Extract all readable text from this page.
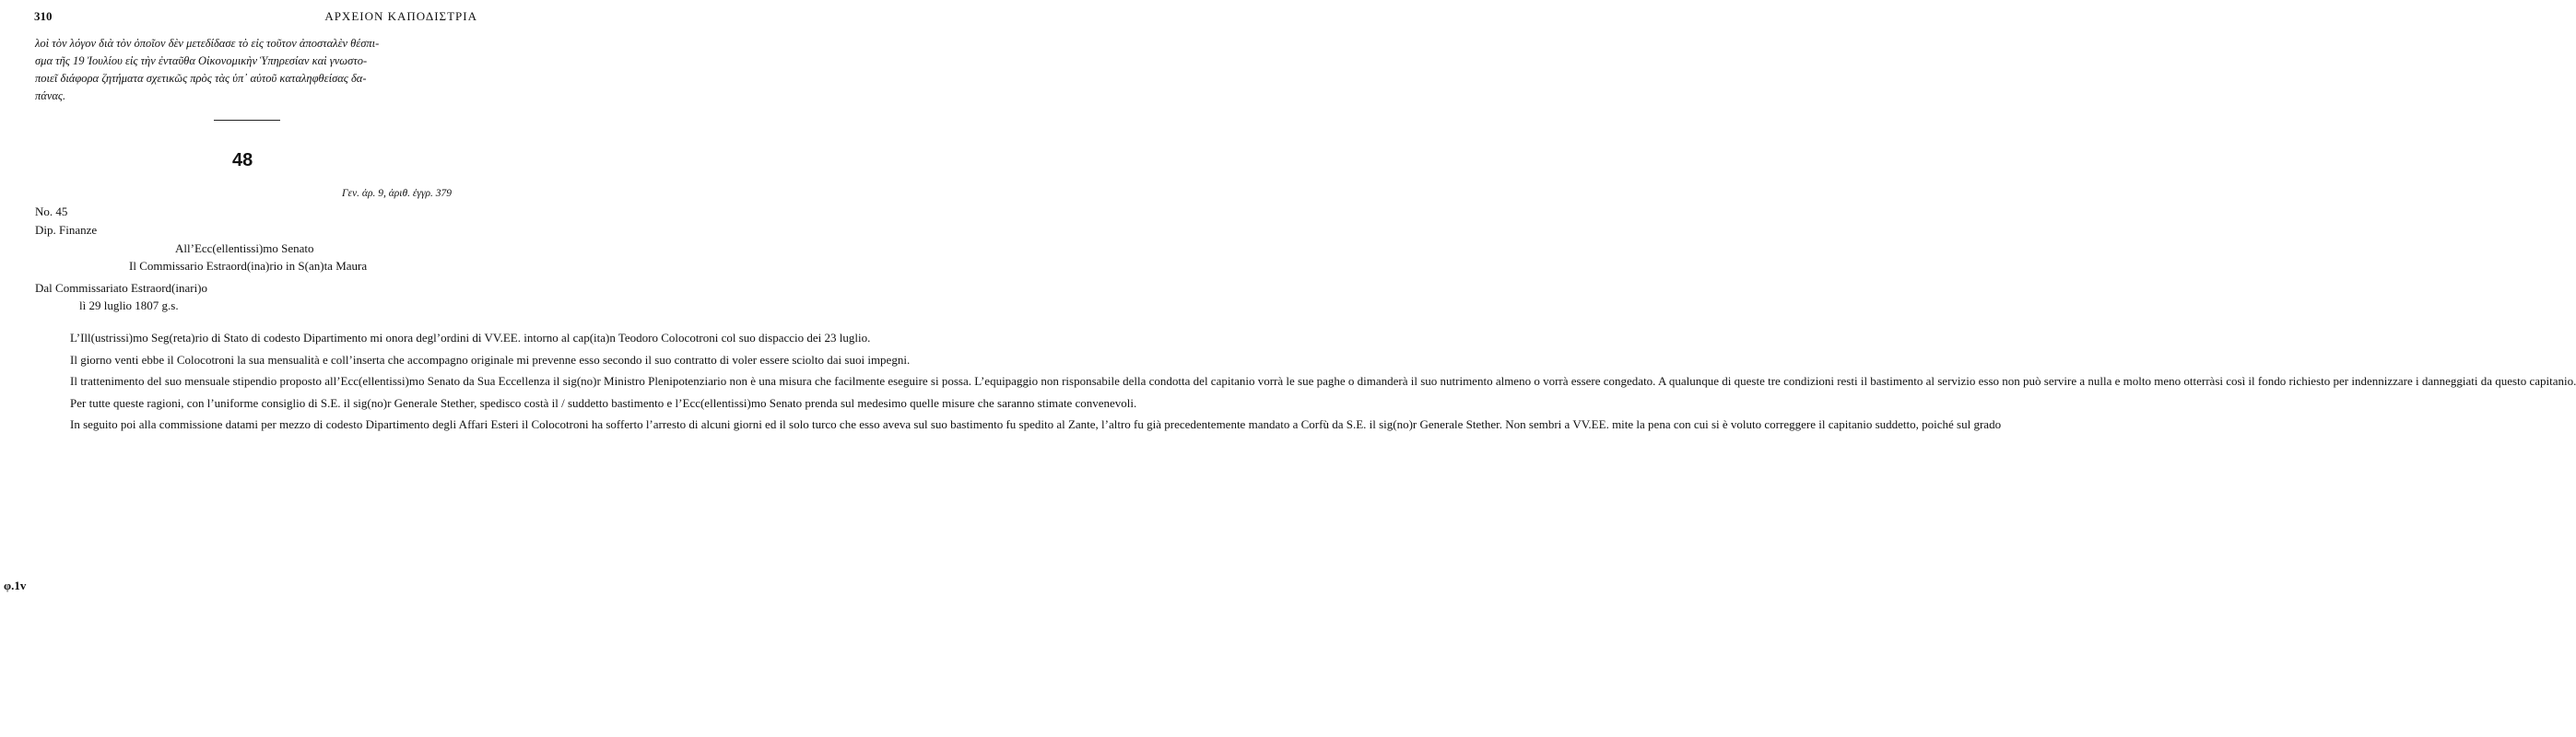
310	ΑΡΧΕΙΟΝ ΚΑΠΟΔΙΣΤΡΙΑ
λοὶ τὸν λόγον διὰ τὸν ὁποῖον δὲν μετεδίδασε τὸ εἰς τοῦτον ἀποσταλὲν θέσπι-
σμα τῆς 19 Ἰουλίου εἰς τὴν ἐνταῦθα Οἰκονομικὴν Ὑπηρεσίαν καὶ γνωστο-
ποιεῖ διάφορα ζητήματα σχετικῶς πρὸς τὰς ὑπ᾽ αὐτοῦ καταληφθείσας δα-
πάνας.
48
Γεν. ἀρ. 9, ἀριθ. ἐγγρ. 379
No. 45
Dip. Finanze
All’Ecc(ellentissi)mo Senato
Il Commissario Estraord(ina)rio in S(an)ta Maura
Dal Commissariato Estraord(inari)o
lì 29 luglio 1807 g.s.
φ.1v

L’Ill(ustrissi)mo Seg(reta)rio di Stato di codesto Dipartimento mi onora degl’ordini di VV.EE. intorno al cap(ita)n Teodoro Colocotroni col suo dispaccio dei 23 luglio.

Il giorno venti ebbe il Colocotroni la sua mensualità e coll’inserta che accompagno originale mi prevenne esso secondo il suo contratto di voler essere sciolto dai suoi impegni.

Il trattenimento del suo mensuale stipendio proposto all’Ecc(ellentissi)mo Senato da Sua Eccellenza il sig(no)r Ministro Plenipotenziario non è una misura che facilmente eseguire si possa. L’equipaggio non risponsabile della condotta del capitanio vorrà le sue paghe o dimanderà il suo nutrimento almeno o vorrà essere congedato. A qualunque di queste tre condizioni resti il bastimento al servizio esso non può servire a nulla e molto meno otterràsi così il fondo richiesto per indennizzare i danneggiati da questo capitanio.

Per tutte queste ragioni, con l’uniforme consiglio di S.E. il sig(no)r Generale Stether, spedisco costà il / suddetto bastimento e l’Ecc(ellentissi)mo Senato prenda sul medesimo quelle misure che saranno stimate convenevoli.

In seguito poi alla commissione datami per mezzo di codesto Dipartimento degli Affari Esteri il Colocotroni ha sofferto l’arresto di alcuni giorni ed il solo turco che esso aveva sul suo bastimento fu spedito al Zante, l’altro fu già precedentemente mandato a Corfù da S.E. il sig(no)r Generale Stether. Non sembri a VV.EE. mite la pena con cui si è voluto correggere il capitanio suddetto, poiché sul grado
